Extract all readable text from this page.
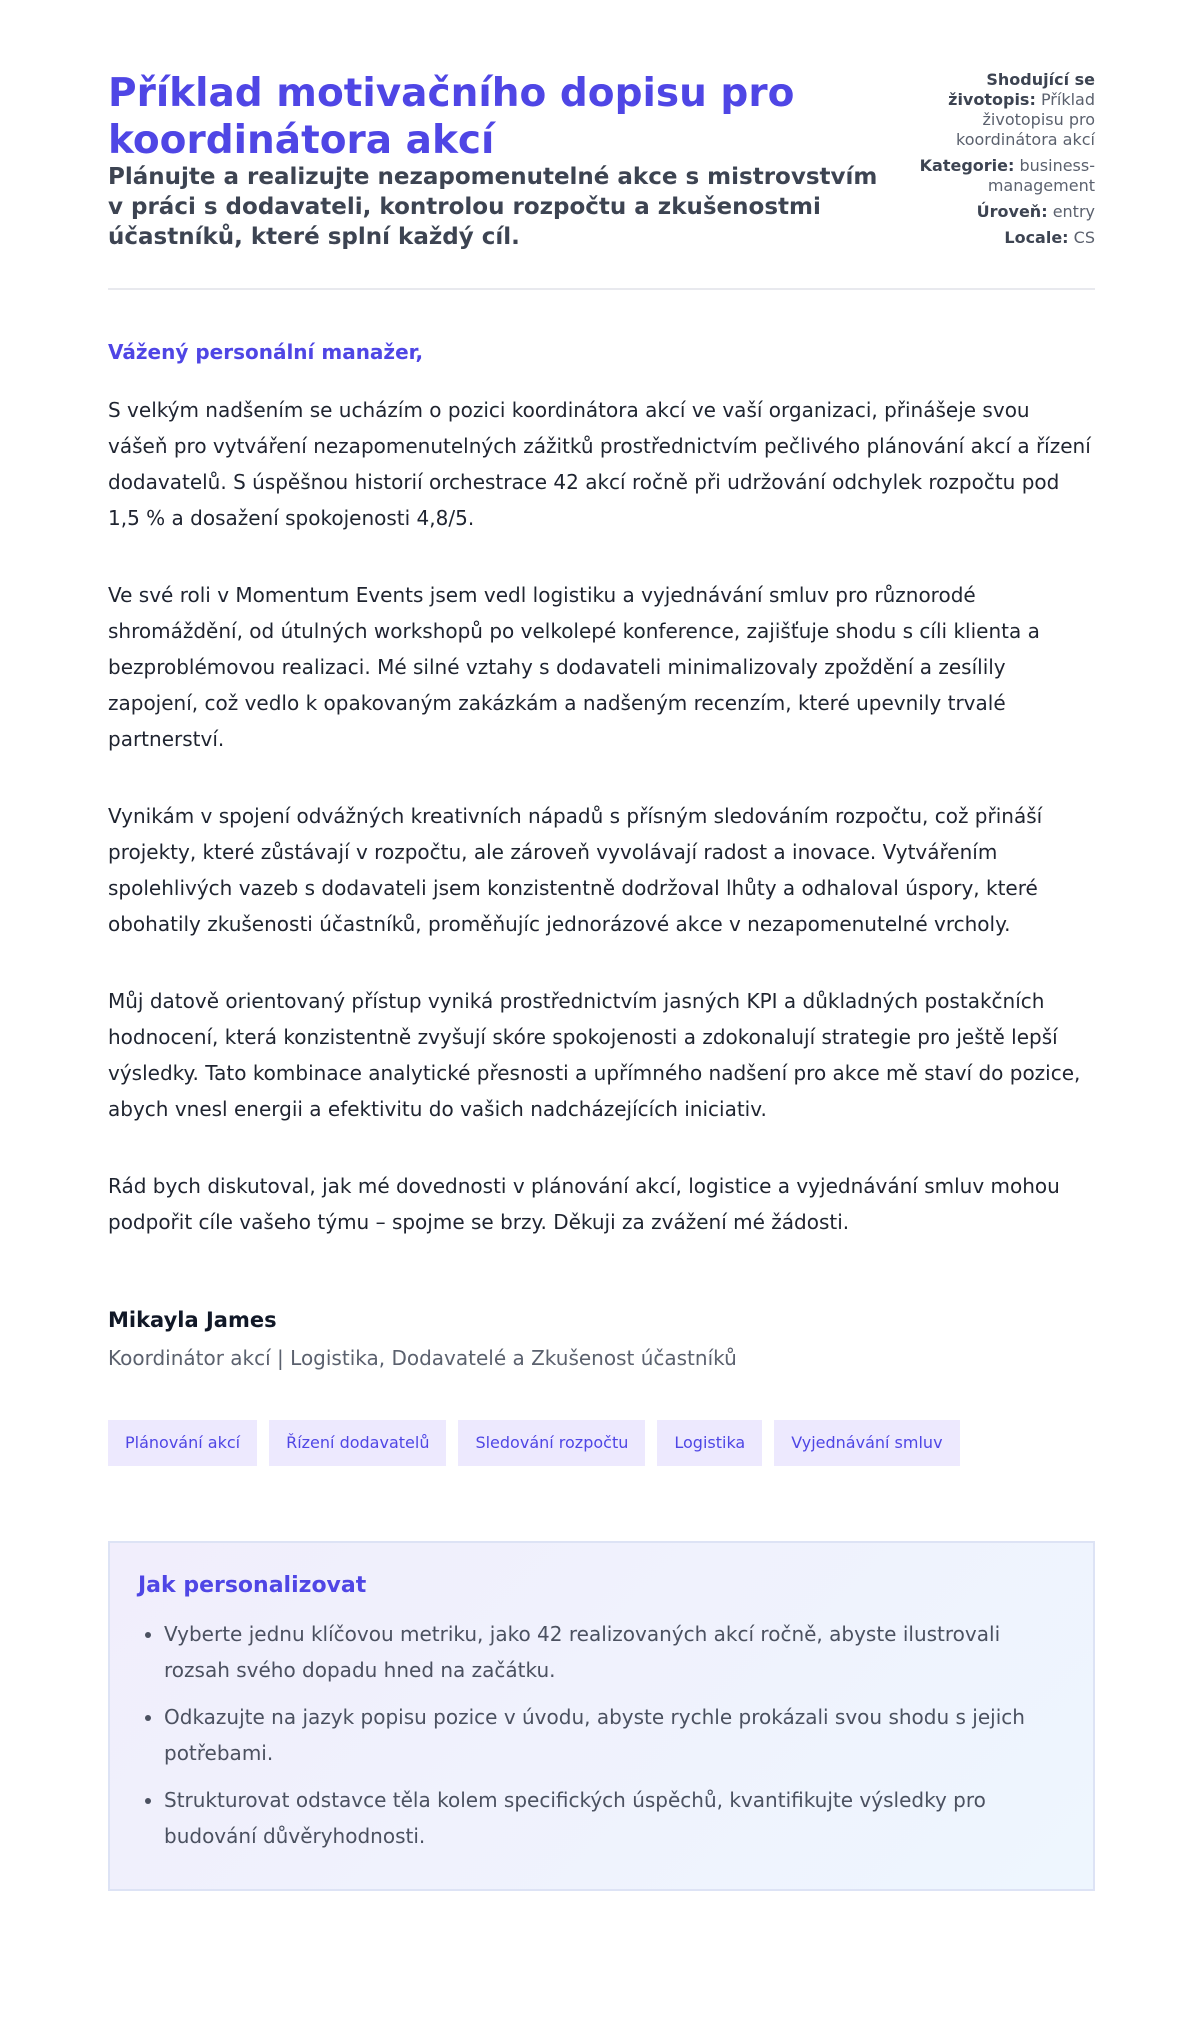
Příklad motivačního dopisu pro koordinátora akcí
Plánujte a realizujte nezapomenutelné akce s mistrovstvím v práci s dodavateli, kontrolou rozpočtu a zkušenostmi účastníků, které splní každý cíl.
Shodující se životopis: Příklad životopisu pro koordinátora akcí
Kategorie: business-management
Úroveň: entry
Locale: CS
Vážený personální manažer,

S velkým nadšením se ucházím o pozici koordinátora akcí ve vaší organizaci, přinášeje svou vášeň pro vytváření nezapomenutelných zážitků prostřednictvím pečlivého plánování akcí a řízení dodavatelů. S úspěšnou historií orchestrace 42 akcí ročně při udržování odchylek rozpočtu pod 1,5 % a dosažení spokojenosti 4,8/5.

Ve své roli v Momentum Events jsem vedl logistiku a vyjednávání smluv pro různorodé shromáždění, od útulných workshopů po velkolepé konference, zajišťuje shodu s cíli klienta a bezproblémovou realizaci. Mé silné vztahy s dodavateli minimalizovaly zpoždění a zesílily zapojení, což vedlo k opakovaným zakázkám a nadšeným recenzím, které upevnily trvalé partnerství.

Vynikám v spojení odvážných kreativních nápadů s přísným sledováním rozpočtu, což přináší projekty, které zůstávají v rozpočtu, ale zároveň vyvolávají radost a inovace. Vytvářením spolehlivých vazeb s dodavateli jsem konzistentně dodržoval lhůty a odhaloval úspory, které obohatily zkušenosti účastníků, proměňujíc jednorázové akce v nezapomenutelné vrcholy.

Můj datově orientovaný přístup vyniká prostřednictvím jasných KPI a důkladných postakčních hodnocení, která konzistentně zvyšují skóre spokojenosti a zdokonalují strategie pro ještě lepší výsledky. Tato kombinace analytické přesnosti a upřímného nadšení pro akce mě staví do pozice, abych vnesl energii a efektivitu do vašich nadcházejících iniciativ.

Rád bych diskutoval, jak mé dovednosti v plánování akcí, logistice a vyjednávání smluv mohou podpořit cíle vašeho týmu – spojme se brzy. Děkuji za zvážení mé žádosti.

Mikayla James
Koordinátor akcí | Logistika, Dodavatelé a Zkušenost účastníků
Plánování akcí	Řízení dodavatelů	Sledování rozpočtu	Logistika	Vyjednávání smluv
Jak personalizovat
• Vyberte jednu klíčovou metriku, jako 42 realizovaných akcí ročně, abyste ilustrovali rozsah svého dopadu hned na začátku.
• Odkazujte na jazyk popisu pozice v úvodu, abyste rychle prokázali svou shodu s jejich potřebami.
• Strukturovat odstavce těla kolem specifických úspěchů, kvantifikujte výsledky pro budování důvěryhodnosti.
